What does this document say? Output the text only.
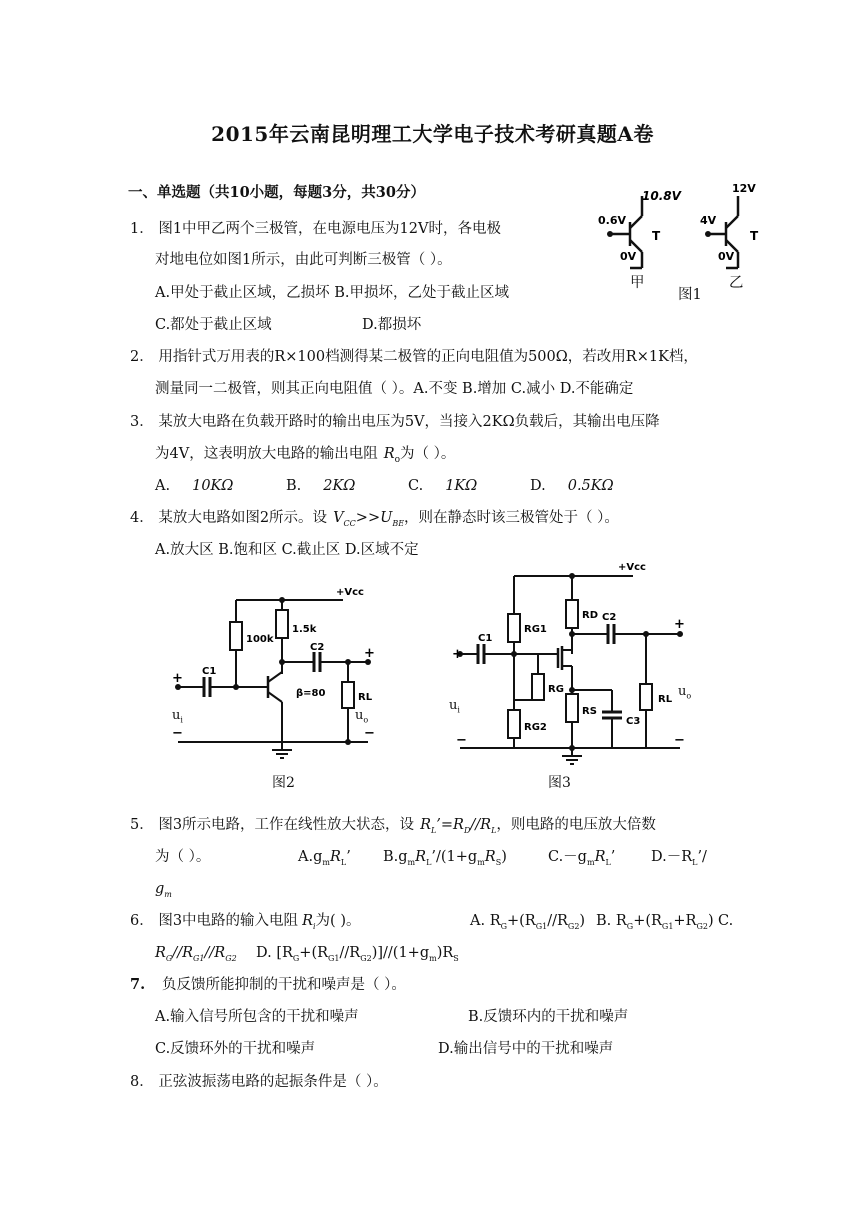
2015年云南昆明理工大学电子技术考研真题A卷
一、单选题（共10小题，每题3分，共30分）
1． 图1中甲乙两个三极管，在电源电压为12V时，各电极
对地电位如图1所示，由此可判断三极管（ ）。
A.甲处于截止区域，乙损坏 B.甲损坏，乙处于截止区域
C.都处于截止区域	D.都损坏
10.8V
0.6V
0V
T
12V
4V
0V
T
甲
图1
乙
2． 用指针式万用表的R×100档测得某二极管的正向电阻值为500Ω，若改用R×1K档，
测量同一二极管，则其正向电阻值（ ）。A.不变 B.增加 C.减小 D.不能确定
3． 某放大电路在负载开路时的输出电压为5V，当接入2KΩ负载后，其输出电压降
为4V，这表明放大电路的输出电阻 $R_o$为（ ）。
A. 10KΩ	B. 2KΩ	C. 1KΩ	D. 0.5KΩ
4． 某放大电路如图2所示。设 $V_{CC}>>U_{BE}$，则在静态时该三极管处于（ ）。
A.放大区 B.饱和区 C.截止区 D.区域不定
+Vcc
100k
1.5k
C1
C2
β=80	RL
+
+
−	−
$u_i$	$u_o$
图2
+Vcc
RG1
RG2
RG
RD
RS
C1
C2
C3
RL
+
+
−	−
$u_i$
$u_o$
图3
5． 图3所示电路，工作在线性放大状态，设 $R_L’=R_D//R_L$，则电路的电压放大倍数
为（ ）。	$A.g_mR_L$’ $B.g_mR_L’/(1+g_mR_S)$	$C.-g_mR_L$’ $D.-R_L’/$
$g_m$
6． 图3中电路的输入电阻 $R_i$为( )。	A. $R_G+(R_{G1}//R_{G2})$ B. $R_G+(R_{G1}+R_{G2})$ C.
$R_G//R_{G1}//R_{G2}$ D. $[R_G+(R_{G1}//R_{G2})]//(1+g_m)R_S$
7. 负反馈所能抑制的干扰和噪声是（ ）。
A.输入信号所包含的干扰和噪声	B.反馈环内的干扰和噪声
C.反馈环外的干扰和噪声	D.输出信号中的干扰和噪声
8． 正弦波振荡电路的起振条件是（ ）。
